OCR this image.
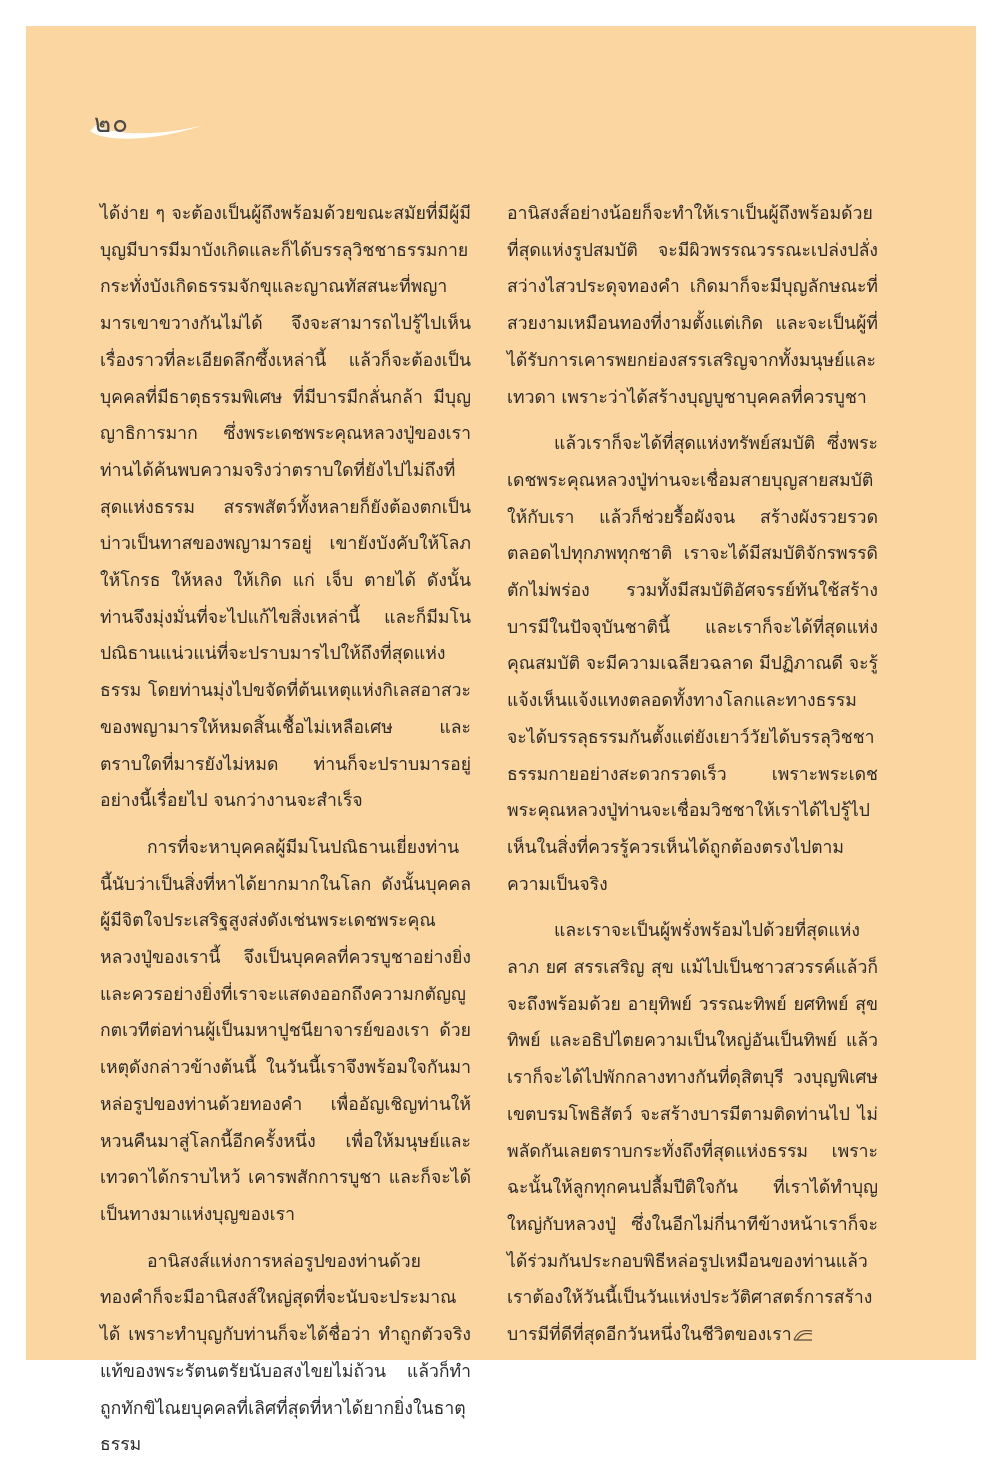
๒๐

ได้ง่าย ๆ จะต้องเป็นผู้ถึงพร้อมด้วยขณะสมัยที่มีผู้มีบุญมีบารมีมาบังเกิดและก็ได้บรรลุวิชชาธรรมกายกระทั่งบังเกิดธรรมจักขุและญาณทัสสนะที่พญามารเขาขวางกันไม่ได้ จึงจะสามารถไปรู้ไปเห็นเรื่องราวที่ละเอียดลึกซึ้งเหล่านี้ แล้วก็จะต้องเป็นบุคคลที่มีธาตุธรรมพิเศษ ที่มีบารมีกลั่นกล้า มีบุญญาธิการมาก ซึ่งพระเดชพระคุณหลวงปู่ของเราท่านได้ค้นพบความจริงว่าตราบใดที่ยังไปไม่ถึงที่สุดแห่งธรรม สรรพสัตว์ทั้งหลายก็ยังต้องตกเป็นบ่าวเป็นทาสของพญามารอยู่ เขายังบังคับให้โลภ ให้โกรธ ให้หลง ให้เกิด แก่ เจ็บ ตายได้ ดังนั้นท่านจึงมุ่งมั่นที่จะไปแก้ไขสิ่งเหล่านี้ และก็มีมโนปณิธานแน่วแน่ที่จะปราบมารไปให้ถึงที่สุดแห่งธรรม โดยท่านมุ่งไปขจัดที่ต้นเหตุแห่งกิเลสอาสวะของพญามารให้หมดสิ้นเชื้อไม่เหลือเศษ และตราบใดที่มารยังไม่หมด ท่านก็จะปราบมารอยู่อย่างนี้เรื่อยไป จนกว่างานจะสำเร็จ

การที่จะหาบุคคลผู้มีมโนปณิธานเยี่ยงท่านนี้นับว่าเป็นสิ่งที่หาได้ยากมากในโลก ดังนั้นบุคคลผู้มีจิตใจประเสริฐสูงส่งดังเช่นพระเดชพระคุณหลวงปู่ของเรานี้ จึงเป็นบุคคลที่ควรบูชาอย่างยิ่ง และควรอย่างยิ่งที่เราจะแสดงออกถึงความกตัญญูกตเวทีต่อท่านผู้เป็นมหาปูชนียาจารย์ของเรา ด้วยเหตุดังกล่าวข้างต้นนี้ ในวันนี้เราจึงพร้อมใจกันมาหล่อรูปของท่านด้วยทองคำ เพื่ออัญเชิญท่านให้หวนคืนมาสู่โลกนี้อีกครั้งหนึ่ง เพื่อให้มนุษย์และเทวดาได้กราบไหว้ เคารพสักการบูชา และก็จะได้เป็นทางมาแห่งบุญของเรา

อานิสงส์แห่งการหล่อรูปของท่านด้วยทองคำก็จะมีอานิสงส์ใหญ่สุดที่จะนับจะประมาณได้ เพราะทำบุญกับท่านก็จะได้ชื่อว่า ทำถูกตัวจริงแท้ของพระรัตนตรัยนับอสงไขยไม่ถ้วน แล้วก็ทำถูกทักขิไณยบุคคลที่เลิศที่สุดที่หาได้ยากยิ่งในธาตุธรรม

อานิสงส์อย่างน้อยก็จะทำให้เราเป็นผู้ถึงพร้อมด้วยที่สุดแห่งรูปสมบัติ จะมีผิวพรรณวรรณะเปล่งปลั่งสว่างไสวประดุจทองคำ เกิดมาก็จะมีบุญลักษณะที่สวยงามเหมือนทองที่งามตั้งแต่เกิด และจะเป็นผู้ที่ได้รับการเคารพยกย่องสรรเสริญจากทั้งมนุษย์และเทวดา เพราะว่าได้สร้างบุญบูชาบุคคลที่ควรบูชา

แล้วเราก็จะได้ที่สุดแห่งทรัพย์สมบัติ ซึ่งพระเดชพระคุณหลวงปู่ท่านจะเชื่อมสายบุญสายสมบัติให้กับเรา แล้วก็ช่วยรื้อผังจน สร้างผังรวยรวดตลอดไปทุกภพทุกชาติ เราจะได้มีสมบัติจักรพรรดิตักไม่พร่อง รวมทั้งมีสมบัติอัศจรรย์ทันใช้สร้างบารมีในปัจจุบันชาตินี้ และเราก็จะได้ที่สุดแห่งคุณสมบัติ จะมีความเฉลียวฉลาด มีปฏิภาณดี จะรู้แจ้งเห็นแจ้งแทงตลอดทั้งทางโลกและทางธรรม จะได้บรรลุธรรมกันตั้งแต่ยังเยาว์วัยได้บรรลุวิชชาธรรมกายอย่างสะดวกรวดเร็ว เพราะพระเดชพระคุณหลวงปู่ท่านจะเชื่อมวิชชาให้เราได้ไปรู้ไปเห็นในสิ่งที่ควรรู้ควรเห็นได้ถูกต้องตรงไปตามความเป็นจริง

และเราจะเป็นผู้พรั่งพร้อมไปด้วยที่สุดแห่งลาภ ยศ สรรเสริญ สุข แม้ไปเป็นชาวสวรรค์แล้วก็จะถึงพร้อมด้วย อายุทิพย์ วรรณะทิพย์ ยศทิพย์ สุขทิพย์ และอธิปไตยความเป็นใหญ่อันเป็นทิพย์ แล้วเราก็จะได้ไปพักกลางทางกันที่ดุสิตบุรี วงบุญพิเศษ เขตบรมโพธิสัตว์ จะสร้างบารมีตามติดท่านไป ไม่พลัดกันเลยตราบกระทั่งถึงที่สุดแห่งธรรม เพราะฉะนั้นให้ลูกทุกคนปลื้มปีติใจกัน ที่เราได้ทำบุญใหญ่กับหลวงปู่ ซึ่งในอีกไม่กี่นาทีข้างหน้าเราก็จะได้ร่วมกันประกอบพิธีหล่อรูปเหมือนของท่านแล้ว เราต้องให้วันนี้เป็นวันแห่งประวัติศาสตร์การสร้างบารมีที่ดีที่สุดอีกวันหนึ่งในชีวิตของเรา
